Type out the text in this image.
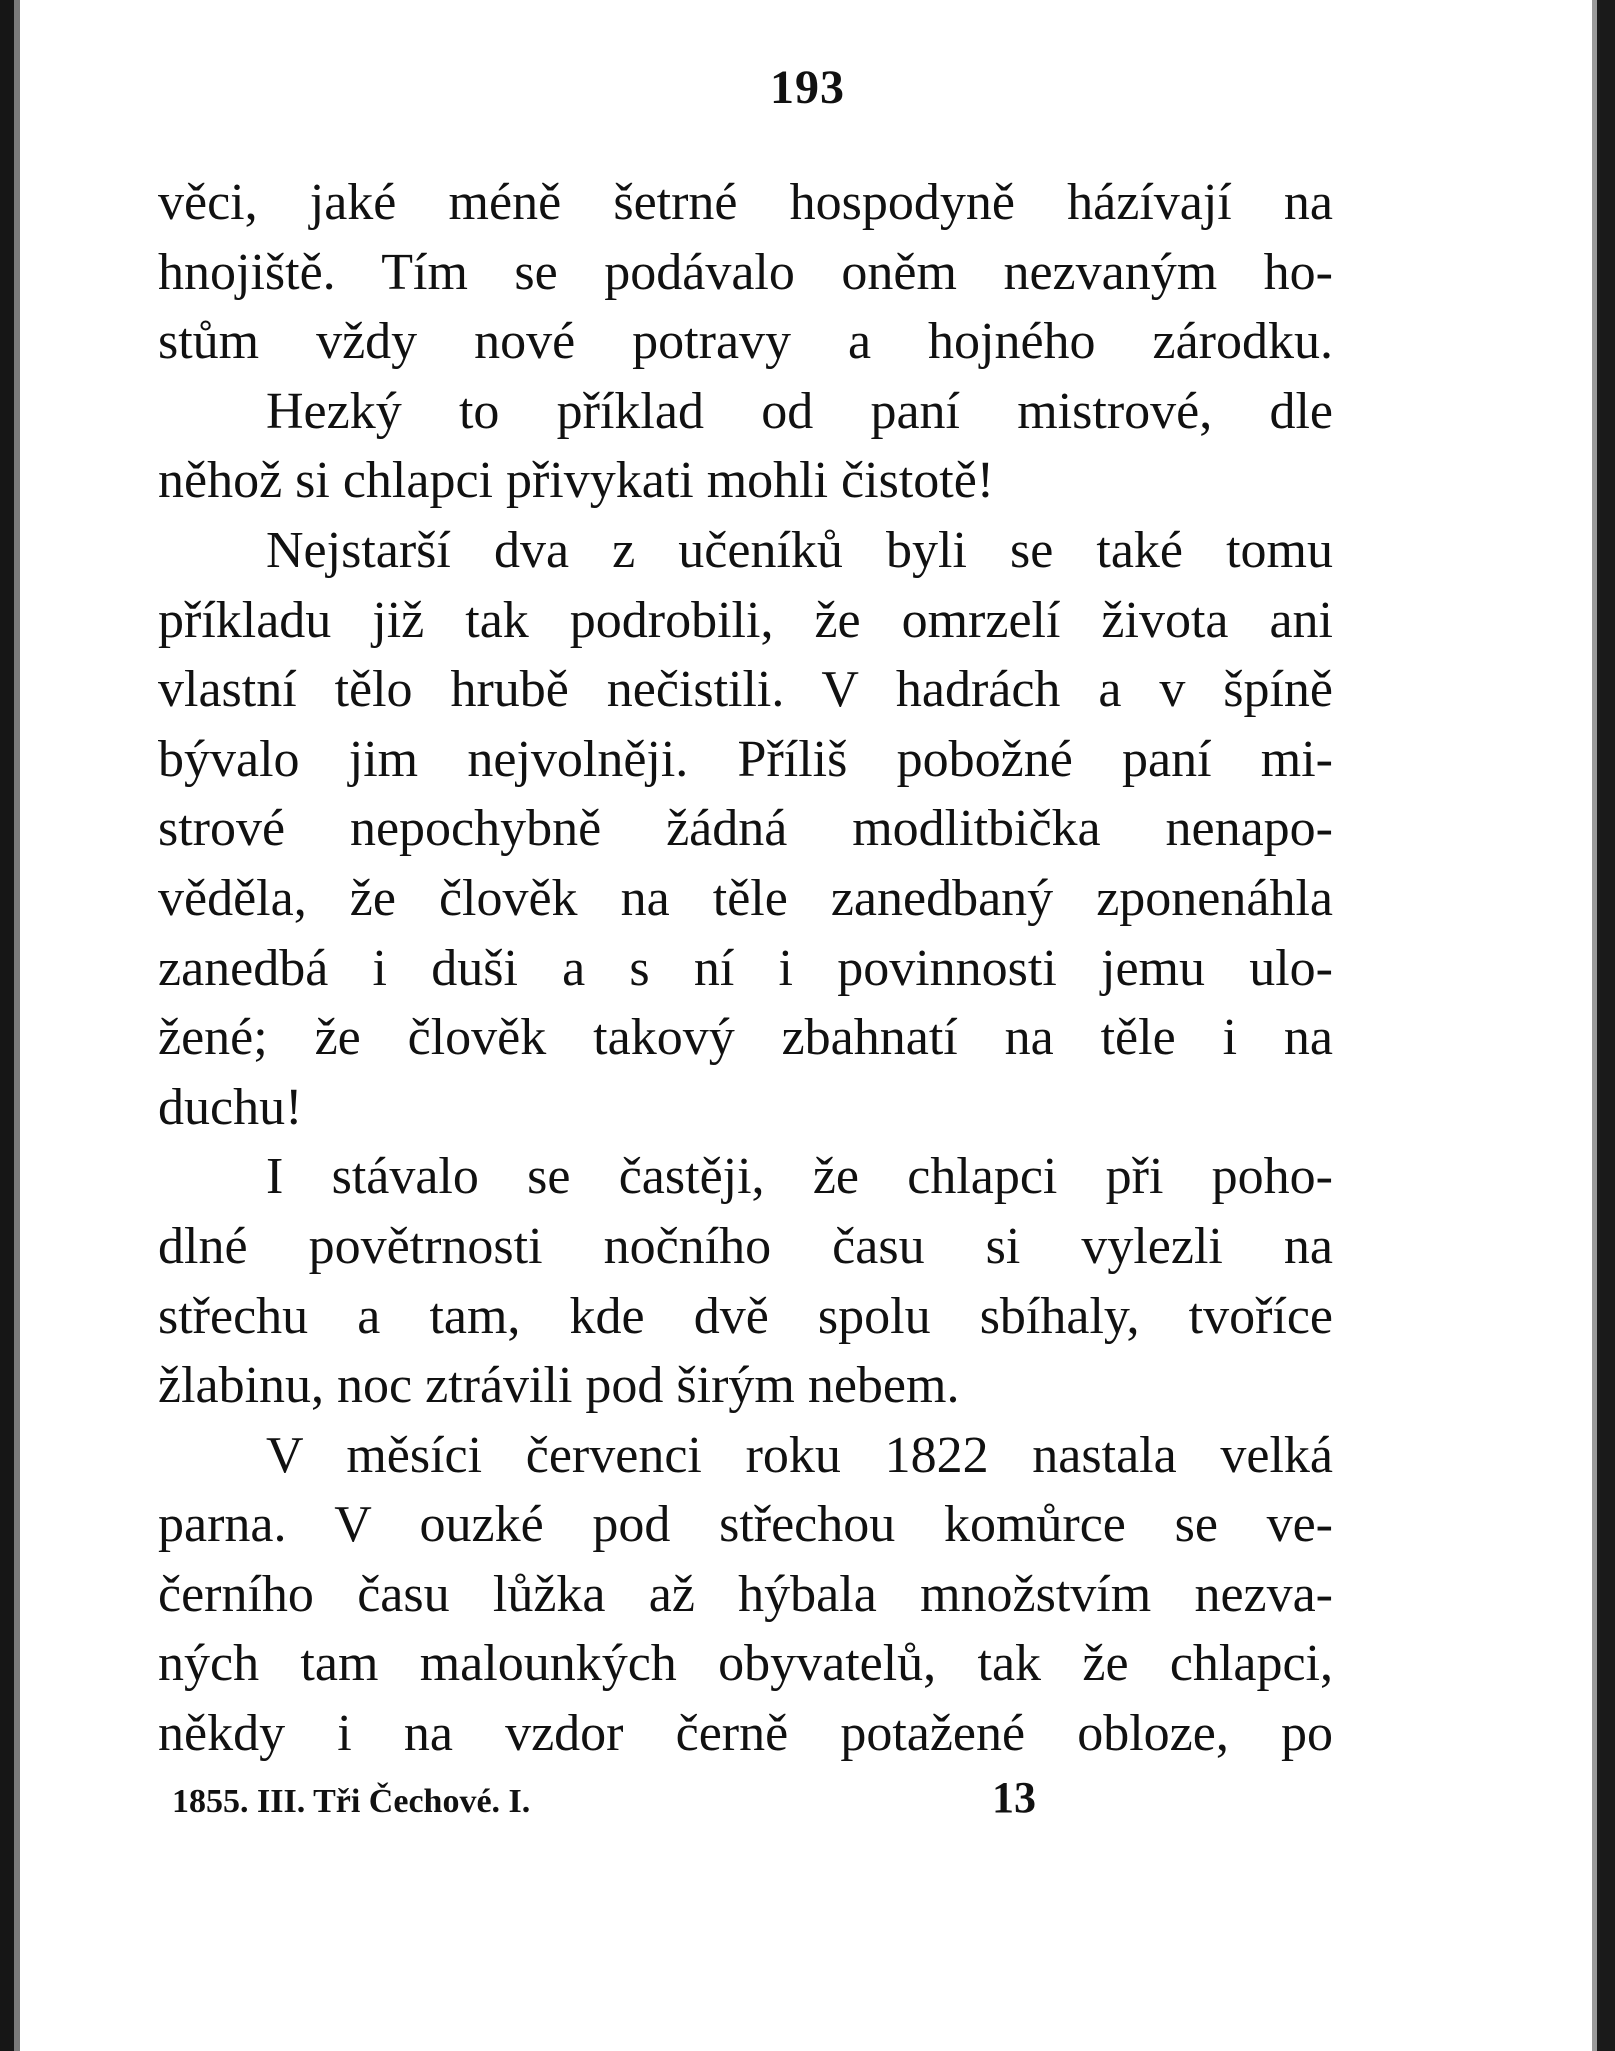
193
věci, jaké méně šetrné hospodyně házívají na
hnojiště. Tím se podávalo oněm nezvaným ho-
stům vždy nové potravy a hojného zárodku.
Hezký to příklad od paní mistrové, dle
něhož si chlapci přivykati mohli čistotě!
Nejstarší dva z učeníků byli se také tomu
příkladu již tak podrobili, že omrzelí života ani
vlastní tělo hrubě nečistili. V hadrách a v špíně
bývalo jim nejvolněji. Příliš pobožné paní mi-
strové nepochybně žádná modlitbička nenapo-
věděla, že člověk na těle zanedbaný zponenáhla
zanedbá i duši a s ní i povinnosti jemu ulo-
žené; že člověk takový zbahnatí na těle i na
duchu!
I stávalo se častěji, že chlapci při poho-
dlné povětrnosti nočního času si vylezli na
střechu a tam, kde dvě spolu sbíhaly, tvoříce
žlabinu, noc ztrávili pod širým nebem.
V měsíci červenci roku 1822 nastala velká
parna. V ouzké pod střechou komůrce se ve-
černího času lůžka až hýbala množstvím nezva-
ných tam malounkých obyvatelů, tak že chlapci,
někdy i na vzdor černě potažené obloze, po
1855. III. Tři Čechové. I.	13
